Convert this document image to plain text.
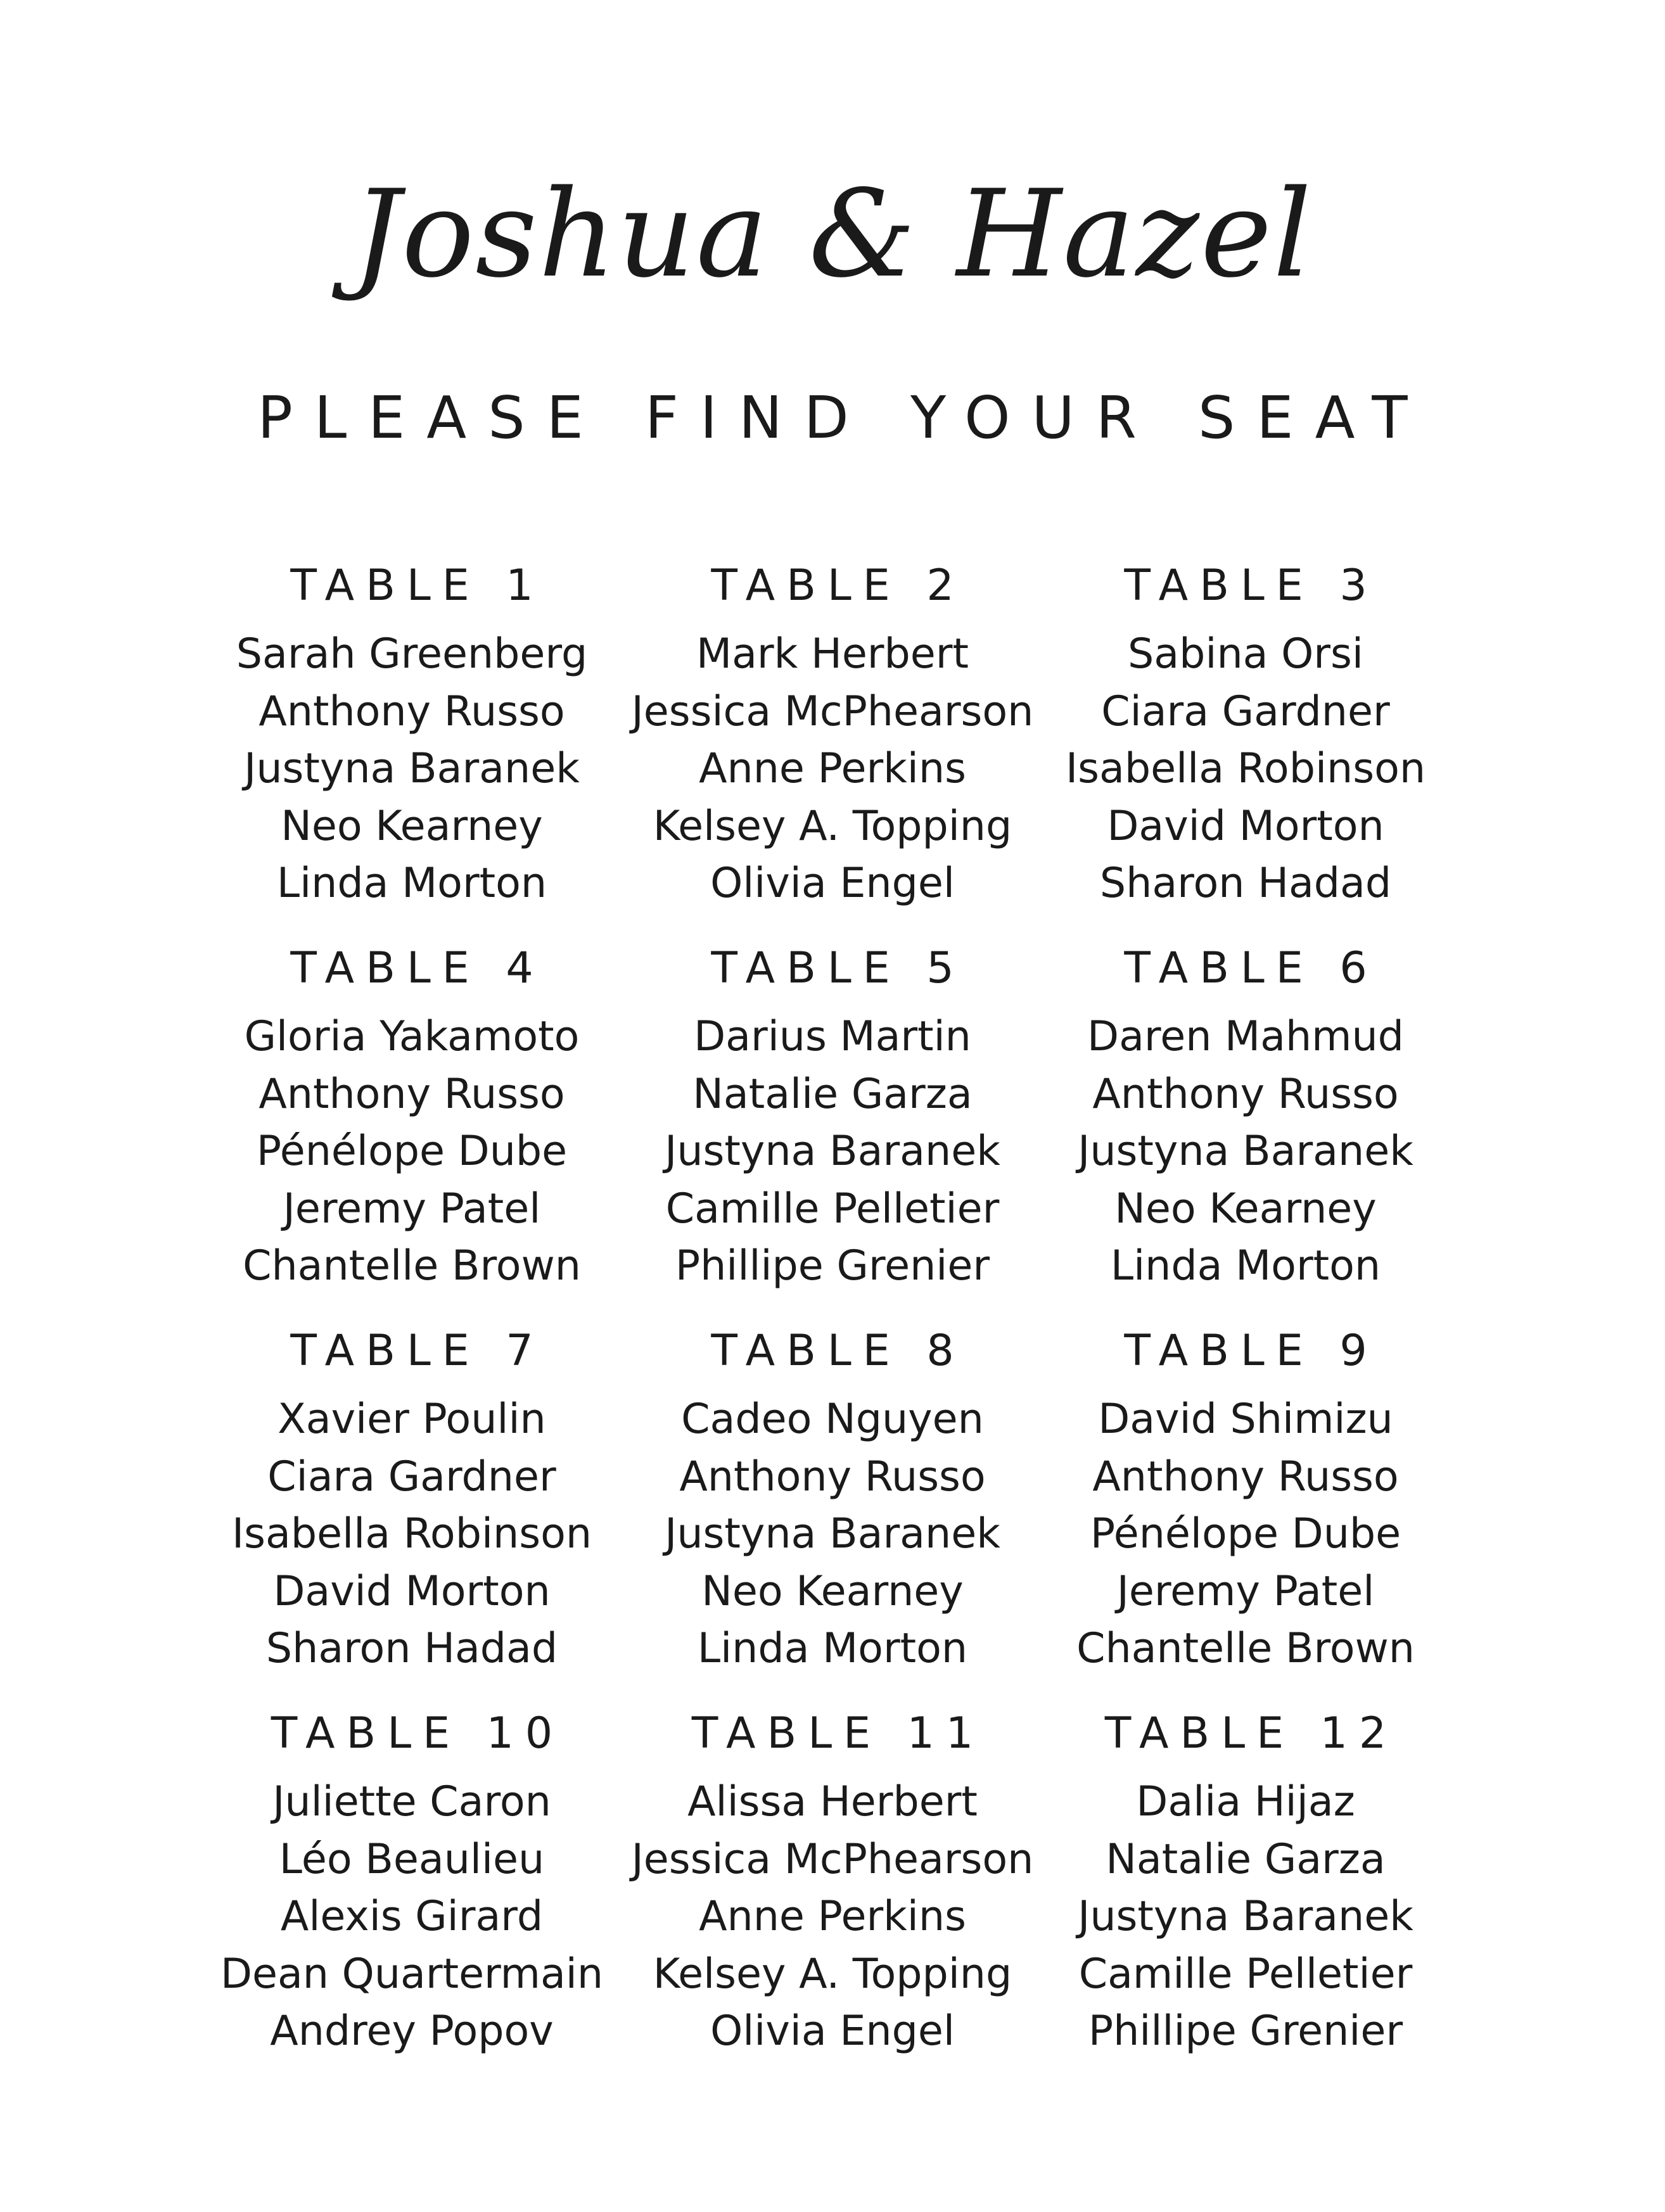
Joshua & Hazel
PLEASE FIND YOUR SEAT
TABLE 1
Sarah Greenberg
Anthony Russo
Justyna Baranek
Neo Kearney
Linda Morton
TABLE 2
Mark Herbert
Jessica McPhearson
Anne Perkins
Kelsey A. Topping
Olivia Engel
TABLE 3
Sabina Orsi
Ciara Gardner
Isabella Robinson
David Morton
Sharon Hadad
TABLE 4
Gloria Yakamoto
Anthony Russo
Pénélope Dube
Jeremy Patel
Chantelle Brown
TABLE 5
Darius Martin
Natalie Garza
Justyna Baranek
Camille Pelletier
Phillipe Grenier
TABLE 6
Daren Mahmud
Anthony Russo
Justyna Baranek
Neo Kearney
Linda Morton
TABLE 7
Xavier Poulin
Ciara Gardner
Isabella Robinson
David Morton
Sharon Hadad
TABLE 8
Cadeo Nguyen
Anthony Russo
Justyna Baranek
Neo Kearney
Linda Morton
TABLE 9
David Shimizu
Anthony Russo
Pénélope Dube
Jeremy Patel
Chantelle Brown
TABLE 10
Juliette Caron
Léo Beaulieu
Alexis Girard
Dean Quartermain
Andrey Popov
TABLE 11
Alissa Herbert
Jessica McPhearson
Anne Perkins
Kelsey A. Topping
Olivia Engel
TABLE 12
Dalia Hijaz
Natalie Garza
Justyna Baranek
Camille Pelletier
Phillipe Grenier
